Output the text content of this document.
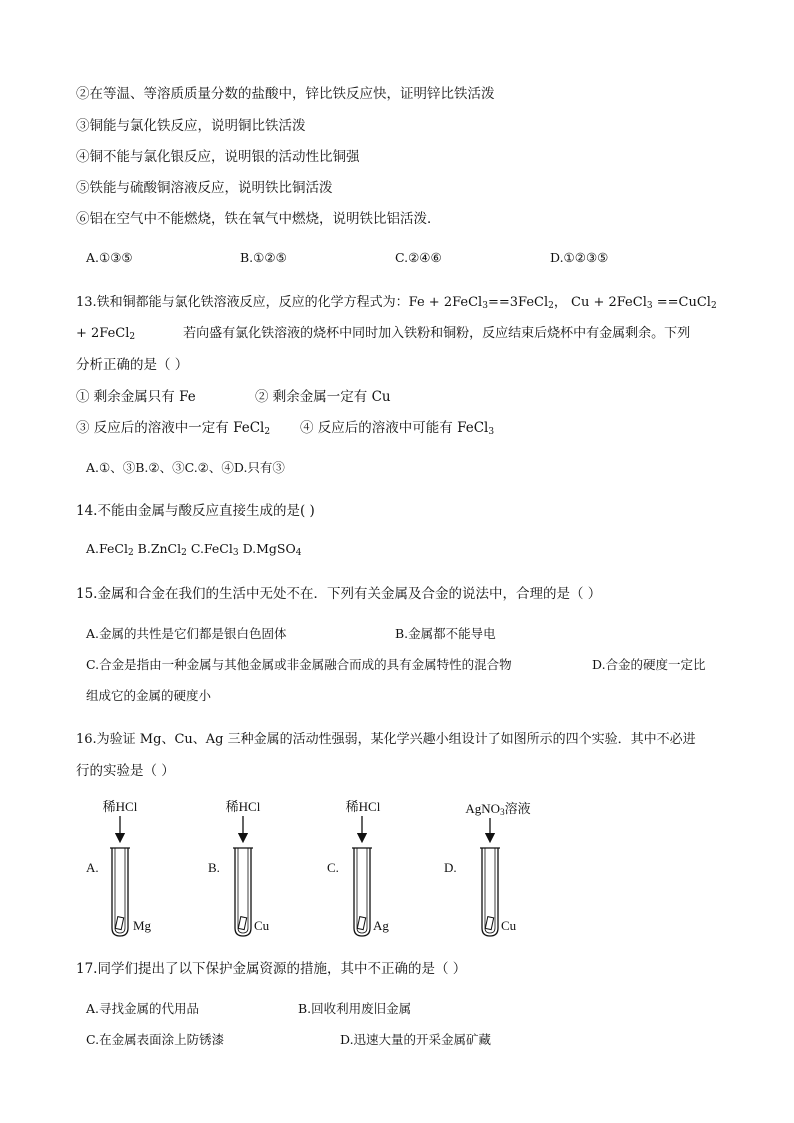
②在等温、等溶质质量分数的盐酸中，锌比铁反应快，证明锌比铁活泼
③铜能与氯化铁反应，说明铜比铁活泼
④铜不能与氯化银反应，说明银的活动性比铜强
⑤铁能与硫酸铜溶液反应，说明铁比铜活泼
⑥铝在空气中不能燃烧，铁在氧气中燃烧，说明铁比铝活泼．
A.①③⑤	B.①②⑤	C.②④⑥	D.①②③⑤
13.铁和铜都能与氯化铁溶液反应，反应的化学方程式为：Fe + 2FeCl$_3$==3FeCl$_2$， Cu + 2FeCl$_3$ ==CuCl$_2$
+ 2FeCl$_2$	若向盛有氯化铁溶液的烧杯中同时加入铁粉和铜粉，反应结束后烧杯中有金属剩余。下列
分析正确的是（ ）
① 剩余金属只有 Fe	② 剩余金属一定有 Cu
③ 反应后的溶液中一定有 FeCl$_2$ ④ 反应后的溶液中可能有 FeCl$_3$
A.①、③B.②、③C.②、④D.只有③
14.不能由金属与酸反应直接生成的是( )
A.FeCl$_2$ B.ZnCl$_2$ C.FeCl$_3$ D.MgSO$_4$
15.金属和合金在我们的生活中无处不在．下列有关金属及合金的说法中，合理的是（ ）
A.金属的共性是它们都是银白色固体	B.金属都不能导电
C.合金是指由一种金属与其他金属或非金属融合而成的具有金属特性的混合物	D.合金的硬度一定比
组成它的金属的硬度小
16.为验证 Mg、Cu、Ag 三种金属的活动性强弱，某化学兴趣小组设计了如图所示的四个实验．其中不必进
行的实验是（ ）
稀HCl
A.
Mg
稀HCl
B.
Cu
稀HCl
C.
Ag
AgNO$_3$溶液
D.
Cu
17.同学们提出了以下保护金属资源的措施，其中不正确的是（ ）
A.寻找金属的代用品	B.回收利用废旧金属
C.在金属表面涂上防锈漆	D.迅速大量的开采金属矿藏
